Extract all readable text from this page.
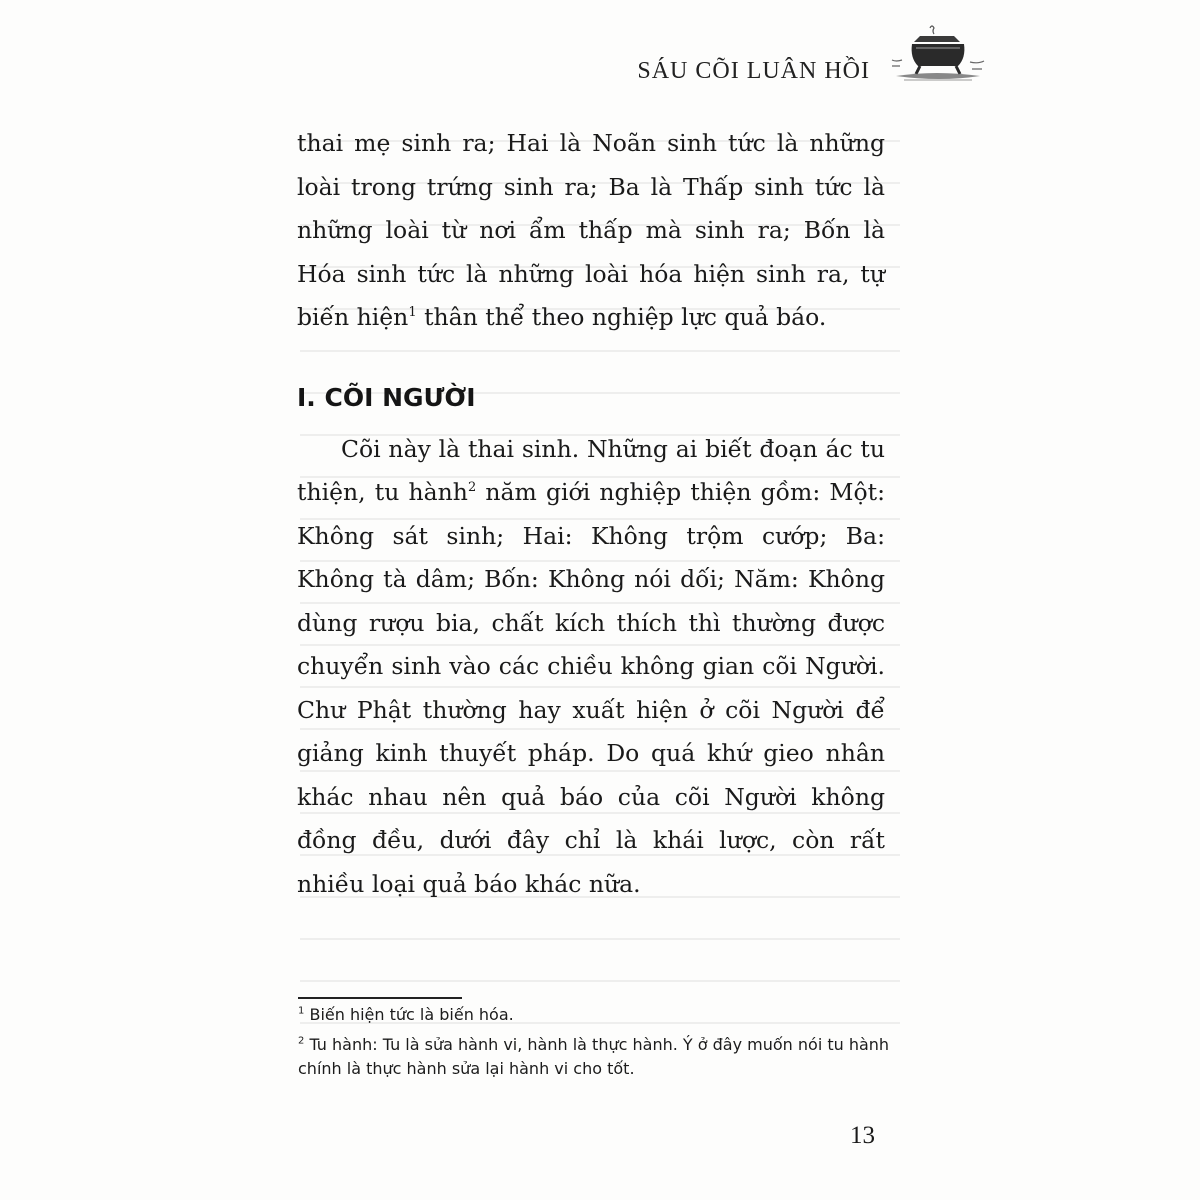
SÁU CÕI LUÂN HỒI

thai mẹ sinh ra; Hai là Noãn sinh tức là những loài trong trứng sinh ra; Ba là Thấp sinh tức là những loài từ nơi ẩm thấp mà sinh ra; Bốn là Hóa sinh tức là những loài hóa hiện sinh ra, tự biến hiện$^1$ thân thể theo nghiệp lực quả báo.

I. CÕI NGƯỜI

Cõi này là thai sinh. Những ai biết đoạn ác tu thiện, tu hành$^2$ năm giới nghiệp thiện gồm: Một: Không sát sinh; Hai: Không trộm cướp; Ba: Không tà dâm; Bốn: Không nói dối; Năm: Không dùng rượu bia, chất kích thích thì thường được chuyển sinh vào các chiều không gian cõi Người. Chư Phật thường hay xuất hiện ở cõi Người để giảng kinh thuyết pháp. Do quá khứ gieo nhân khác nhau nên quả báo của cõi Người không đồng đều, dưới đây chỉ là khái lược, còn rất nhiều loại quả báo khác nữa.

$^1$ Biến hiện tức là biến hóa.
$^2$ Tu hành: Tu là sửa hành vi, hành là thực hành. Ý ở đây muốn nói tu hành chính là thực hành sửa lại hành vi cho tốt.
13
